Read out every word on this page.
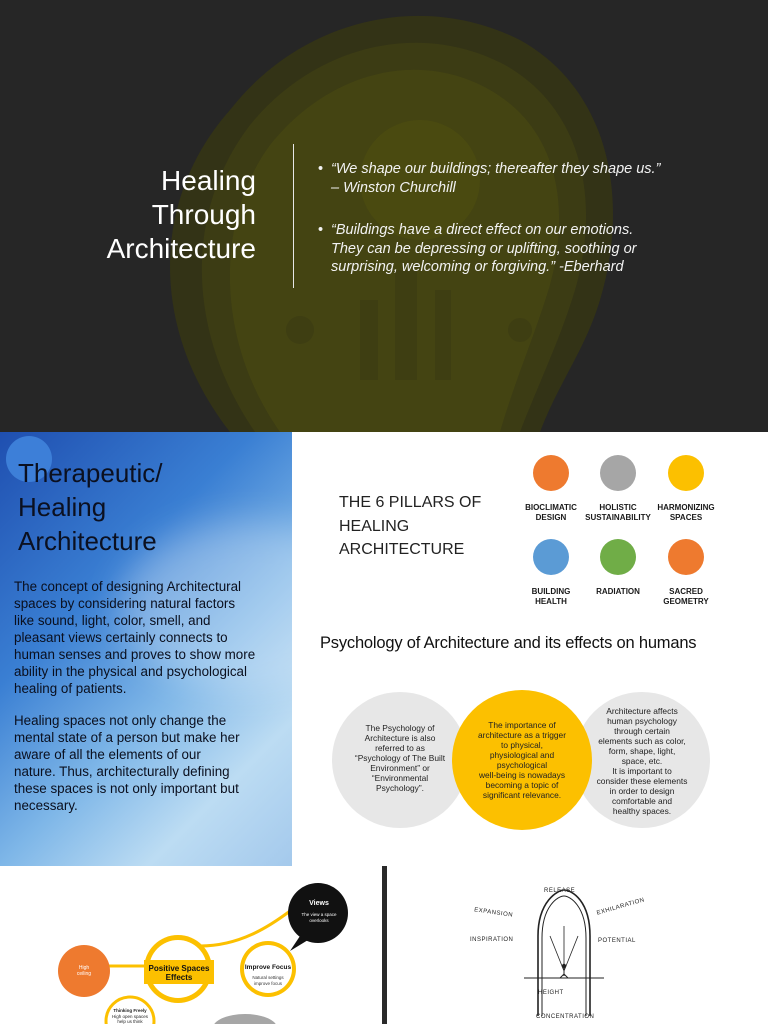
Healing
Through
Architecture
• “We shape our buildings; thereafter they shape us.”
– Winston Churchill
• “Buildings have a direct effect on our emotions.
They can be depressing or uplifting, soothing or
surprising, welcoming or forgiving.” -Eberhard
Therapeutic/
Healing
Architecture
The concept of designing Architectural
spaces by considering natural factors
like sound, light, color, smell, and
pleasant views certainly connects to
human senses and proves to show more
ability in the physical and psychological
healing of patients.
Healing spaces not only change the
mental state of a person but make her
aware of all the elements of our
nature. Thus, architecturally defining
these spaces is not only important but
necessary.
THE 6 PILLARS OF
HEALING
ARCHITECTURE
BIOCLIMATIC
DESIGN
HOLISTIC
SUSTAINABILITY
HARMONIZING
SPACES
BUILDING
HEALTH
RADIATION	SACRED
GEOMETRY
Psychology of Architecture and its effects on humans
The Psychology of
Architecture is also
referred to as
“Psychology of The Built
Environment” or
“Environmental
Psychology”.
The importance of
architecture as a trigger
to physical,
physiological and
psychological
well-being is nowadays
becoming a topic of
significant relevance.
Architecture affects
human psychology
through certain
elements such as color,
form, shape, light,
space, etc.
It is important to
consider these elements
in order to design
comfortable and
healthy spaces.
Views
The view a space
overlooks
Positive Spaces
Effects
Improve Focus
Natural settings
improve focus
High
ceiling
Thinking Freely
High open spaces
help us think
RELEASE
EXPANSION	EXHILARATION
INSPIRATION	POTENTIAL
HEIGHT
CONCENTRATION
